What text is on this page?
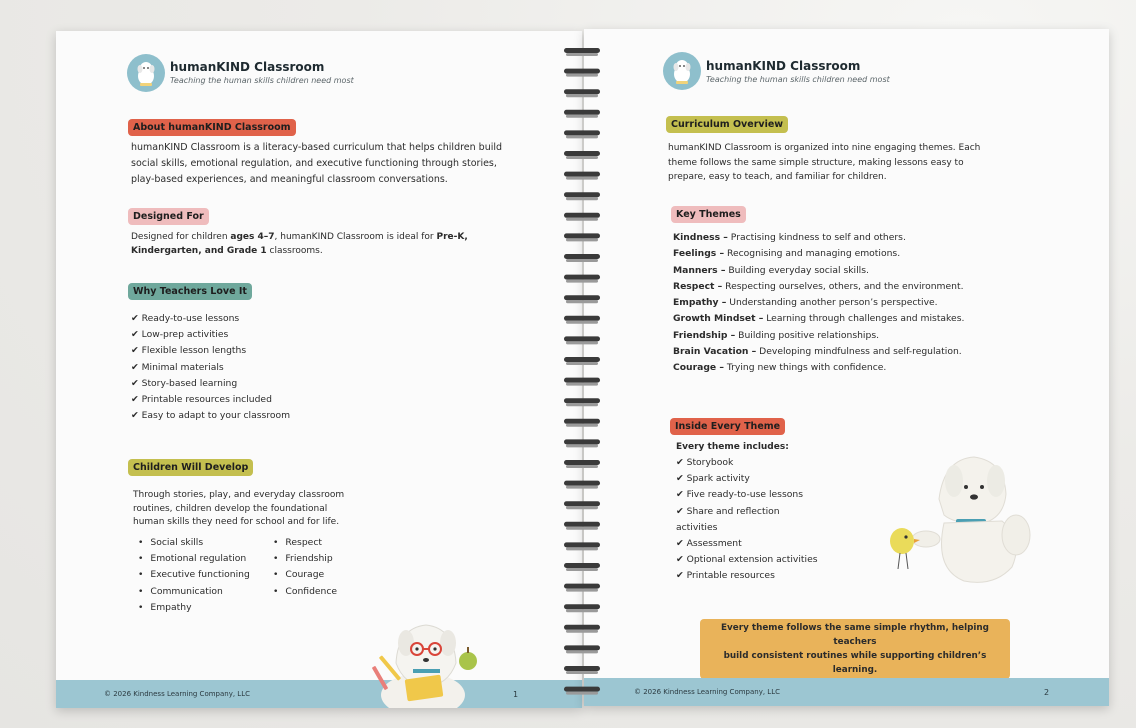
humanKIND Classroom
Teaching the human skills children need most
About humanKIND Classroom
humanKIND Classroom is a literacy-based curriculum that helps children build social skills, emotional regulation, and executive functioning through stories, play-based experiences, and meaningful classroom conversations.
Designed For
Designed for children ages 4–7, humanKIND Classroom is ideal for Pre-K, Kindergarten, and Grade 1 classrooms.
Why Teachers Love It
✔ Ready-to-use lessons
✔ Low-prep activities
✔ Flexible lesson lengths
✔ Minimal materials
✔ Story-based learning
✔ Printable resources included
✔ Easy to adapt to your classroom
Children Will Develop
Through stories, play, and everyday classroom routines, children develop the foundational human skills they need for school and for life.
• Social skills
• Emotional regulation
• Executive functioning
• Communication
• Empathy
• Respect
• Friendship
• Courage
• Confidence
© 2026 Kindness Learning Company, LLC	1
humanKIND Classroom
Teaching the human skills children need most
Curriculum Overview
humanKIND Classroom is organized into nine engaging themes. Each theme follows the same simple structure, making lessons easy to prepare, easy to teach, and familiar for children.
Key Themes
Kindness – Practising kindness to self and others.
Feelings – Recognising and managing emotions.
Manners – Building everyday social skills.
Respect – Respecting ourselves, others, and the environment.
Empathy – Understanding another person’s perspective.
Growth Mindset – Learning through challenges and mistakes.
Friendship – Building positive relationships.
Brain Vacation – Developing mindfulness and self-regulation.
Courage – Trying new things with confidence.
Inside Every Theme
Every theme includes:
✔ Storybook
✔ Spark activity
✔ Five ready-to-use lessons
✔ Share and reflection
activities
✔ Assessment
✔ Optional extension activities
✔ Printable resources
Every theme follows the same simple rhythm, helping teachers
build consistent routines while supporting children’s learning.
© 2026 Kindness Learning Company, LLC	2
